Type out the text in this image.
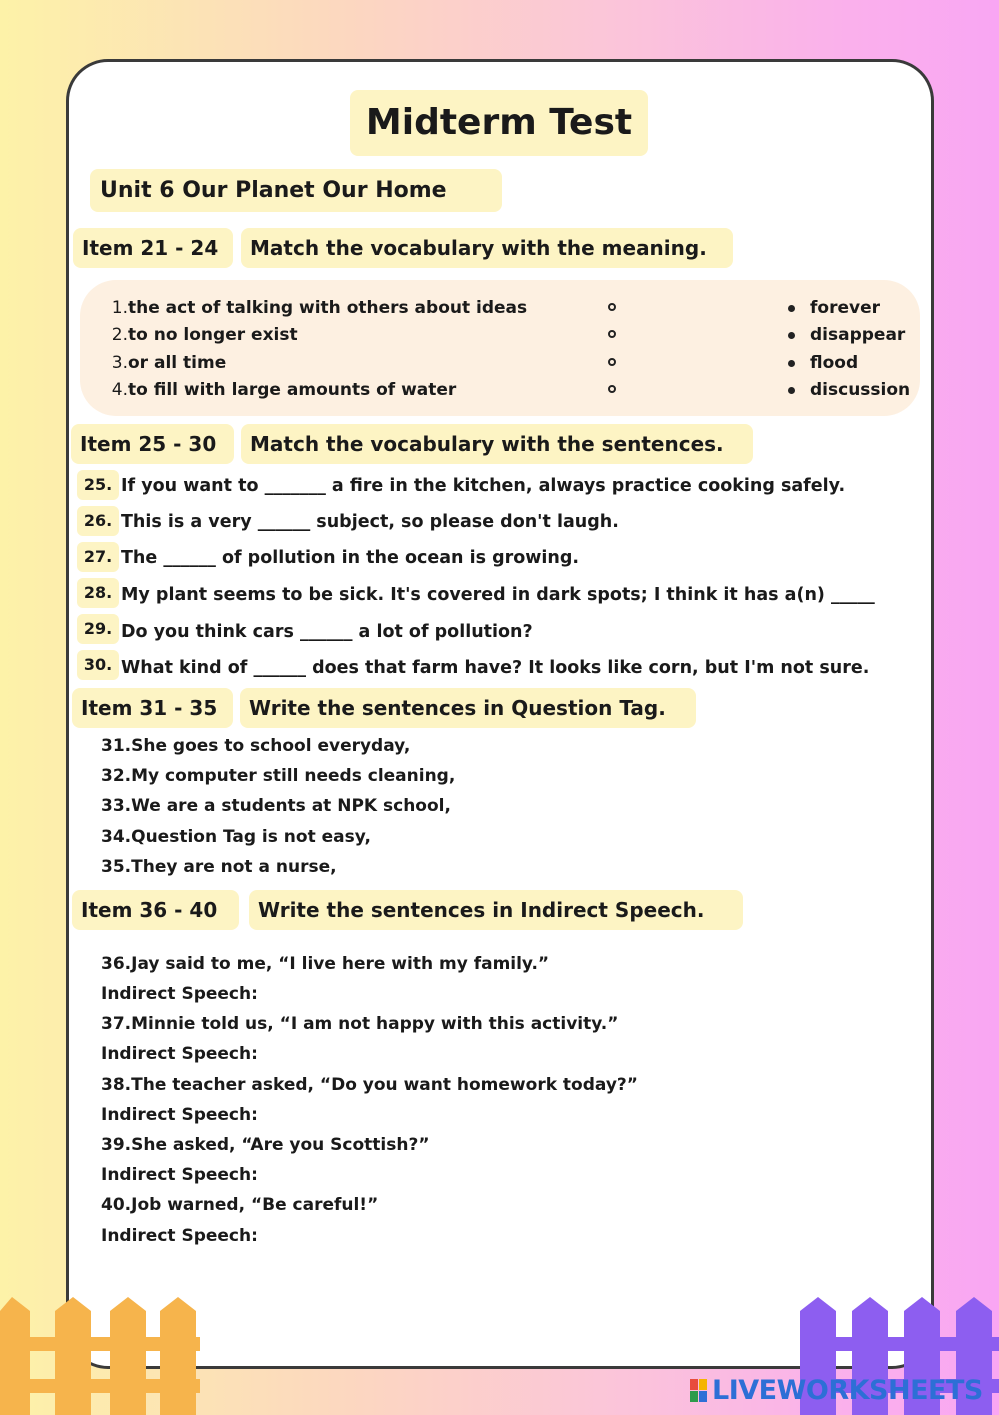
Midterm Test
Unit 6 Our Planet Our Home
Item 21 - 24	Match the vocabulary with the meaning.
1. the act of talking with others about ideas	forever
2. to no longer exist	disappear
3. or all time	flood
4. to fill with large amounts of water	discussion
Item 25 - 30	Match the vocabulary with the sentences.
25. If you want to _______ a fire in the kitchen, always practice cooking safely.
26. This is a very ______ subject, so please don't laugh.
27. The ______ of pollution in the ocean is growing.
28. My plant seems to be sick. It's covered in dark spots; I think it has a(n) _____
29. Do you think cars ______ a lot of pollution?
30. What kind of ______ does that farm have? It looks like corn, but I'm not sure.
Item 31 - 35	Write the sentences in Question Tag.
31.She goes to school everyday,
32.My computer still needs cleaning,
33.We are a students at NPK school,
34.Question Tag is not easy,
35.They are not a nurse,
Item 36 - 40	Write the sentences in Indirect Speech.
36.Jay said to me, “I live here with my family.”
Indirect Speech:
37.Minnie told us, “I am not happy with this activity.”
Indirect Speech:
38.The teacher asked, “Do you want homework today?”
Indirect Speech:
39.She asked, “Are you Scottish?”
Indirect Speech:
40.Job warned, “Be careful!”
Indirect Speech:
LIVEWORKSHEETS
